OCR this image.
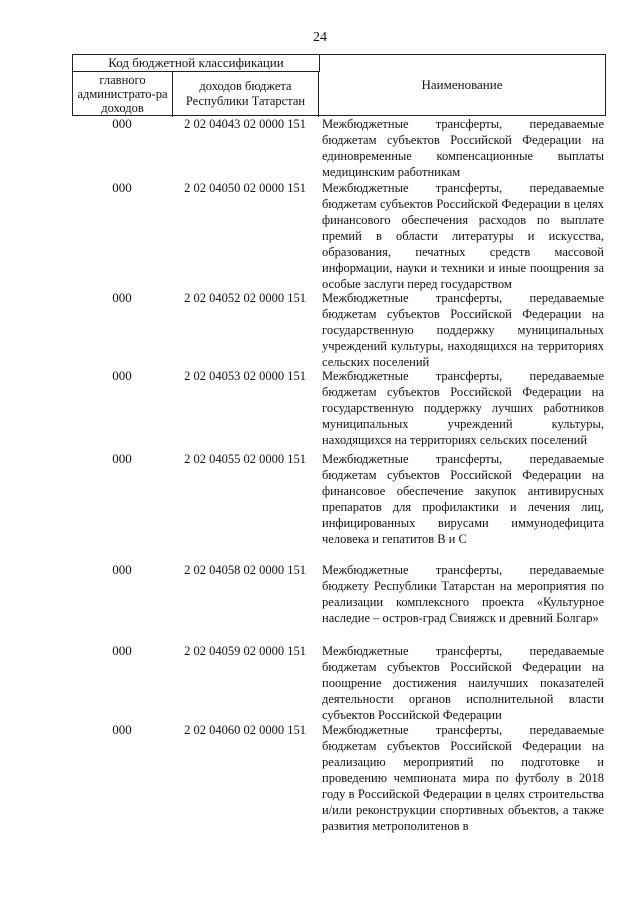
24
Код бюджетной классификации
главного администрато-ра доходов
доходов бюджета Республики Татарстан
Наименование
000	2 02 04043 02 0000 151	Межбюджетные трансферты, передаваемые бюджетам субъектов Российской Федерации на единовременные компенсационные выплаты медицинским работникам
000	2 02 04050 02 0000 151	Межбюджетные трансферты, передаваемые бюджетам субъектов Российской Федерации в целях финансового обеспечения расходов по выплате премий в области литературы и искусства, образования, печатных средств массовой информации, науки и техники и иные поощрения за особые заслуги перед государством
000	2 02 04052 02 0000 151	Межбюджетные трансферты, передаваемые бюджетам субъектов Российской Федерации на государственную поддержку муниципальных учреждений культуры, находящихся на территориях сельских поселений
000	2 02 04053 02 0000 151	Межбюджетные трансферты, передаваемые бюджетам субъектов Российской Федерации на государственную поддержку лучших работников муниципальных учреждений культуры, находящихся на территориях сельских поселений
000	2 02 04055 02 0000 151	Межбюджетные трансферты, передаваемые бюджетам субъектов Российской Федерации на финансовое обеспечение закупок антивирусных препаратов для профилактики и лечения лиц, инфицированных вирусами иммунодефицита человека и гепатитов В и С
000	2 02 04058 02 0000 151	Межбюджетные трансферты, передаваемые бюджету Республики Татарстан на мероприятия по реализации комплексного проекта «Культурное наследие – остров-град Свияжск и древний Болгар»
000	2 02 04059 02 0000 151	Межбюджетные трансферты, передаваемые бюджетам субъектов Российской Федерации на поощрение достижения наилучших показателей деятельности органов исполнительной власти субъектов Российской Федерации
000	2 02 04060 02 0000 151	Межбюджетные трансферты, передаваемые бюджетам субъектов Российской Федерации на реализацию мероприятий по подготовке и проведению чемпионата мира по футболу в 2018 году в Российской Федерации в целях строительства и/или реконструкции спортивных объектов, а также развития метрополитенов в
